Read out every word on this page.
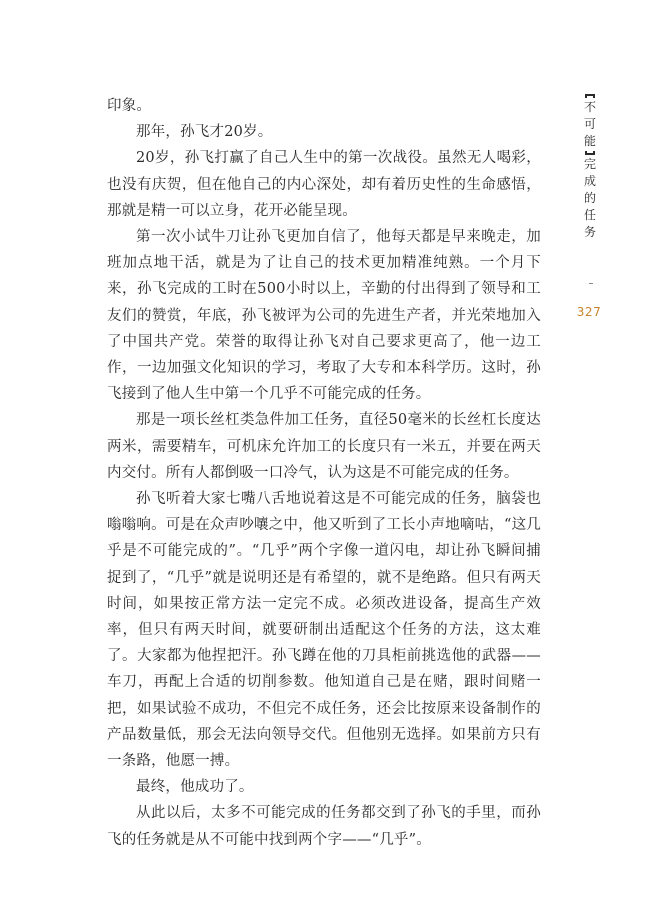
印象。

那年，孙飞才20岁。

20岁，孙飞打赢了自己人生中的第一次战役。虽然无人喝彩，也没有庆贺，但在他自己的内心深处，却有着历史性的生命感悟，那就是精一可以立身，花开必能呈现。

第一次小试牛刀让孙飞更加自信了，他每天都是早来晚走，加班加点地干活，就是为了让自己的技术更加精准纯熟。一个月下来，孙飞完成的工时在500小时以上，辛勤的付出得到了领导和工友们的赞赏，年底，孙飞被评为公司的先进生产者，并光荣地加入了中国共产党。荣誉的取得让孙飞对自己要求更高了，他一边工作，一边加强文化知识的学习，考取了大专和本科学历。这时，孙飞接到了他人生中第一个几乎不可能完成的任务。

那是一项长丝杠类急件加工任务，直径50毫米的长丝杠长度达两米，需要精车，可机床允许加工的长度只有一米五，并要在两天内交付。所有人都倒吸一口冷气，认为这是不可能完成的任务。

孙飞听着大家七嘴八舌地说着这是不可能完成的任务，脑袋也嗡嗡响。可是在众声吵嚷之中，他又听到了工长小声地嘀咕，“这几乎是不可能完成的”。“几乎”两个字像一道闪电，却让孙飞瞬间捕捉到了，“几乎”就是说明还是有希望的，就不是绝路。但只有两天时间，如果按正常方法一定完不成。必须改进设备，提高生产效率，但只有两天时间，就要研制出适配这个任务的方法，这太难了。大家都为他捏把汗。孙飞蹲在他的刀具柜前挑选他的武器——车刀，再配上合适的切削参数。他知道自己是在赌，跟时间赌一把，如果试验不成功，不但完不成任务，还会比按原来设备制作的产品数量低，那会无法向领导交代。但他别无选择。如果前方只有一条路，他愿一搏。

最终，他成功了。

从此以后，太多不可能完成的任务都交到了孙飞的手里，而孙飞的任务就是从不可能中找到两个字——“几乎”。

不可能
完成的任务
327
